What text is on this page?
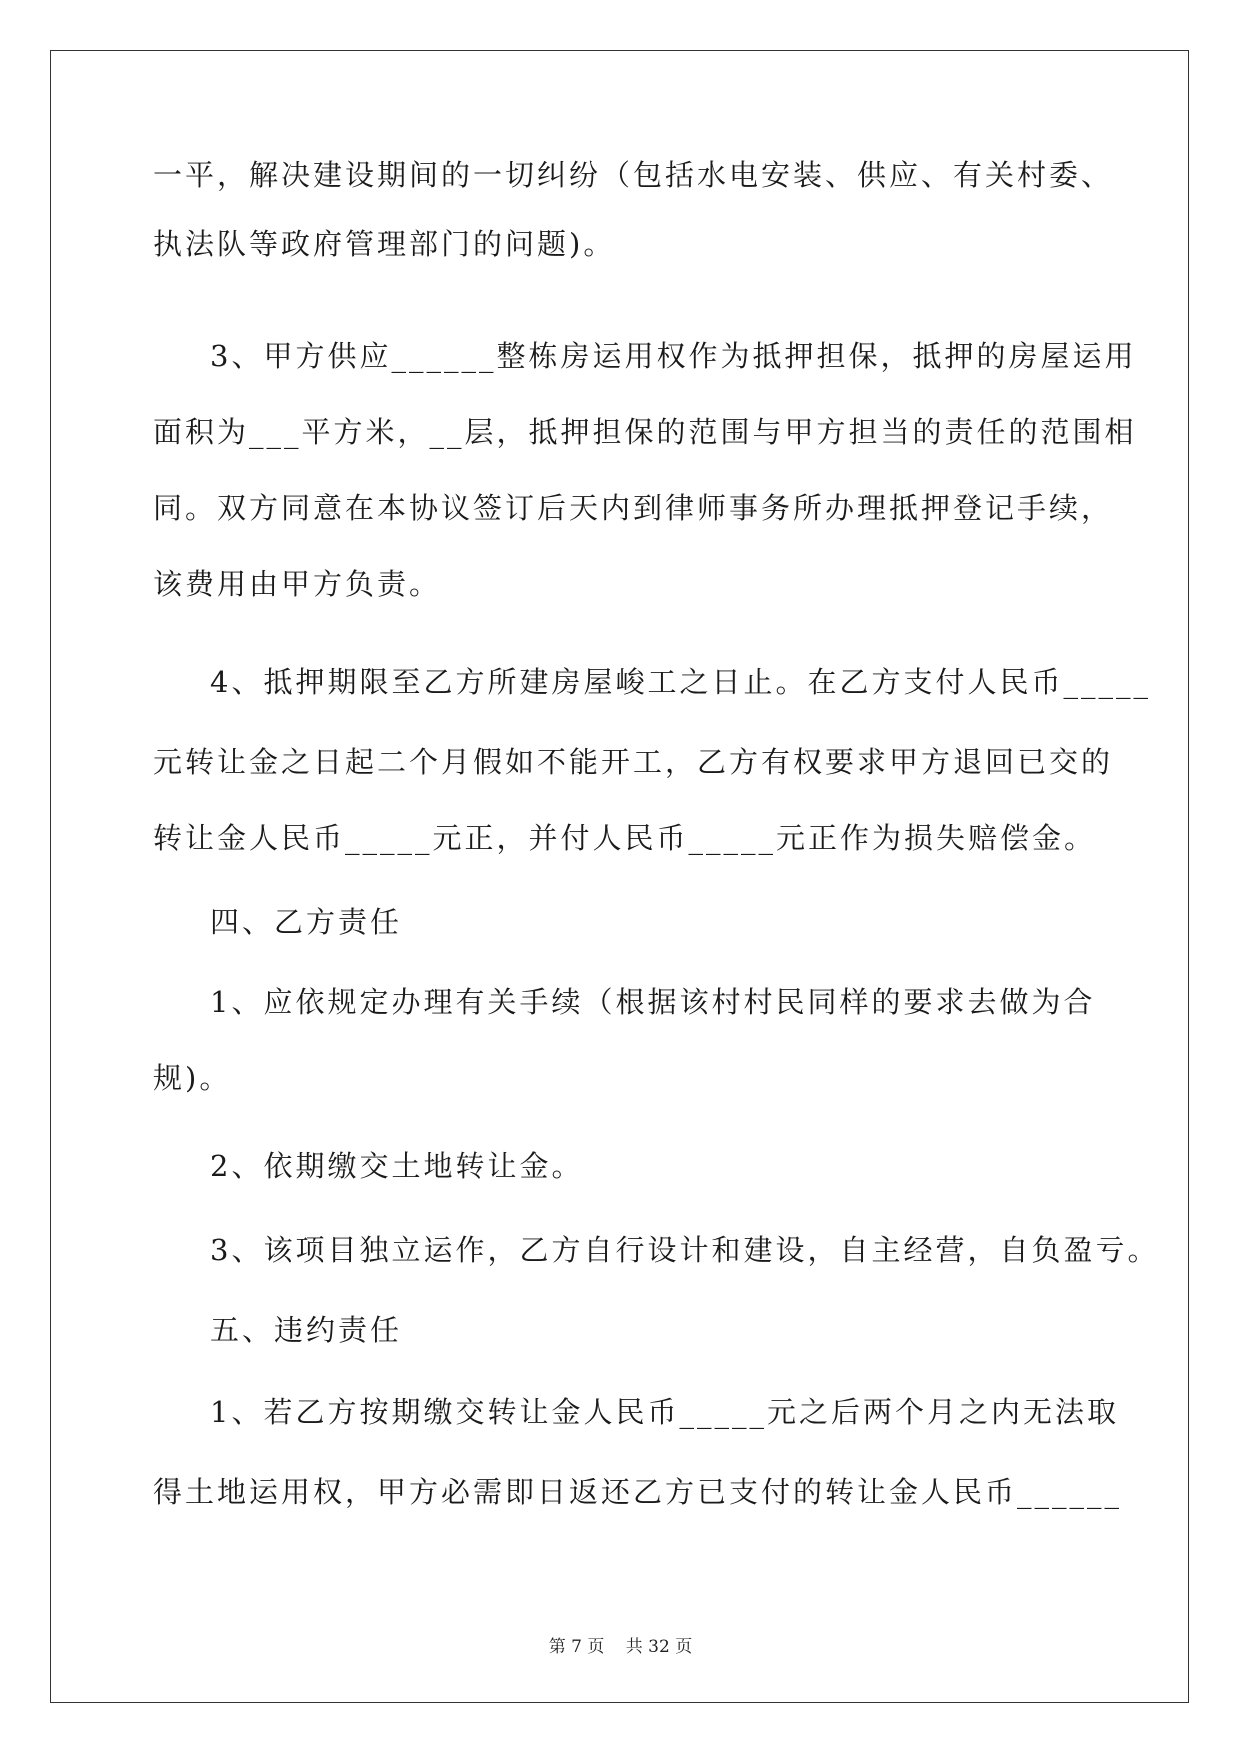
一平，解决建设期间的一切纠纷（包括水电安装、供应、有关村委、
执法队等政府管理部门的问题)。
3、甲方供应______整栋房运用权作为抵押担保，抵押的房屋运用
面积为___平方米，__层，抵押担保的范围与甲方担当的责任的范围相
同。双方同意在本协议签订后天内到律师事务所办理抵押登记手续，
该费用由甲方负责。
4、抵押期限至乙方所建房屋峻工之日止。在乙方支付人民币_____
元转让金之日起二个月假如不能开工，乙方有权要求甲方退回已交的
转让金人民币_____元正，并付人民币_____元正作为损失赔偿金。
四、乙方责任
1、应依规定办理有关手续（根据该村村民同样的要求去做为合
规)。
2、依期缴交土地转让金。
3、该项目独立运作，乙方自行设计和建设，自主经营，自负盈亏。
五、违约责任
1、若乙方按期缴交转让金人民币_____元之后两个月之内无法取
得土地运用权，甲方必需即日返还乙方已支付的转让金人民币______
第 7 页 共 32 页
